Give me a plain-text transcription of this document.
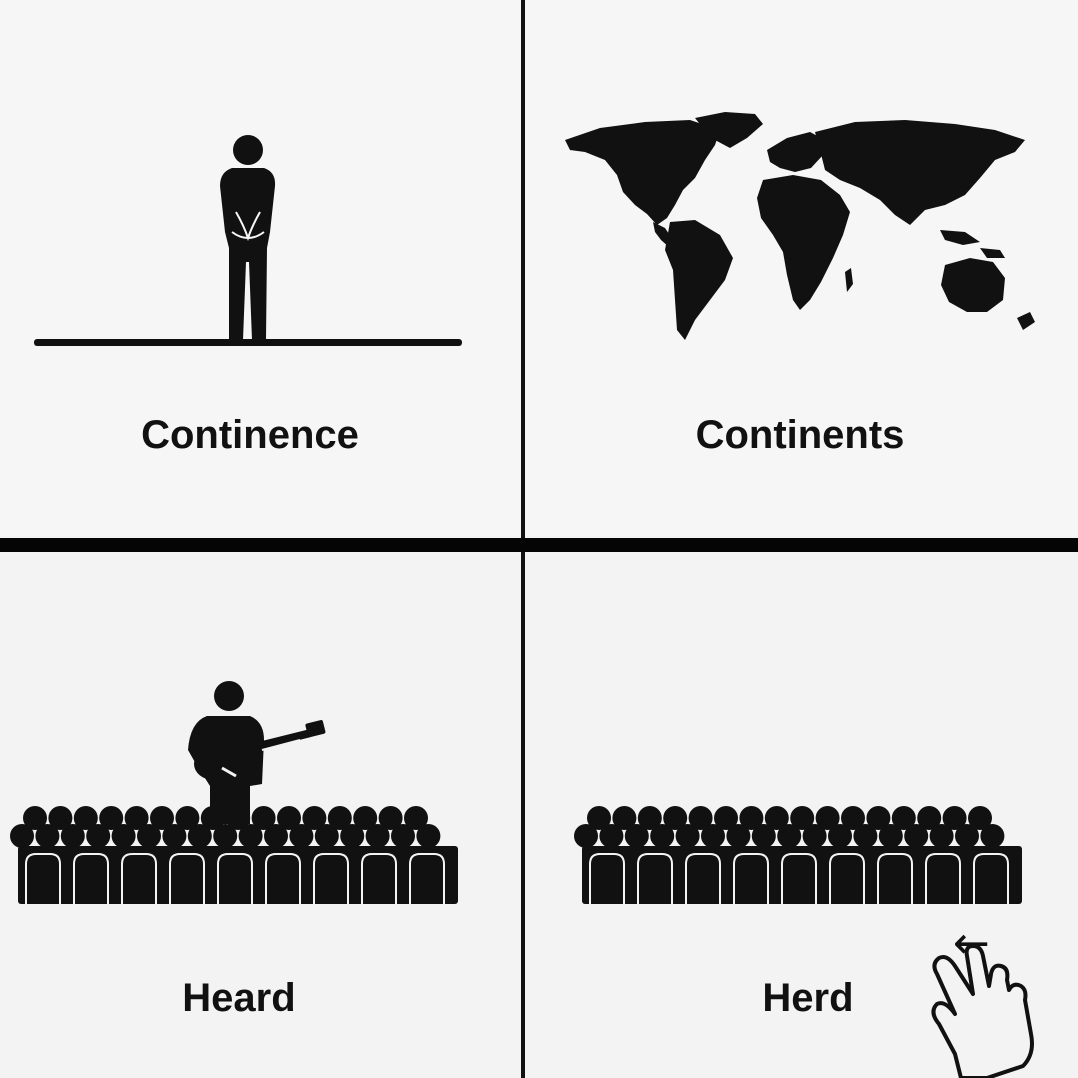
Continence	Continents

Heard	Herd

←
